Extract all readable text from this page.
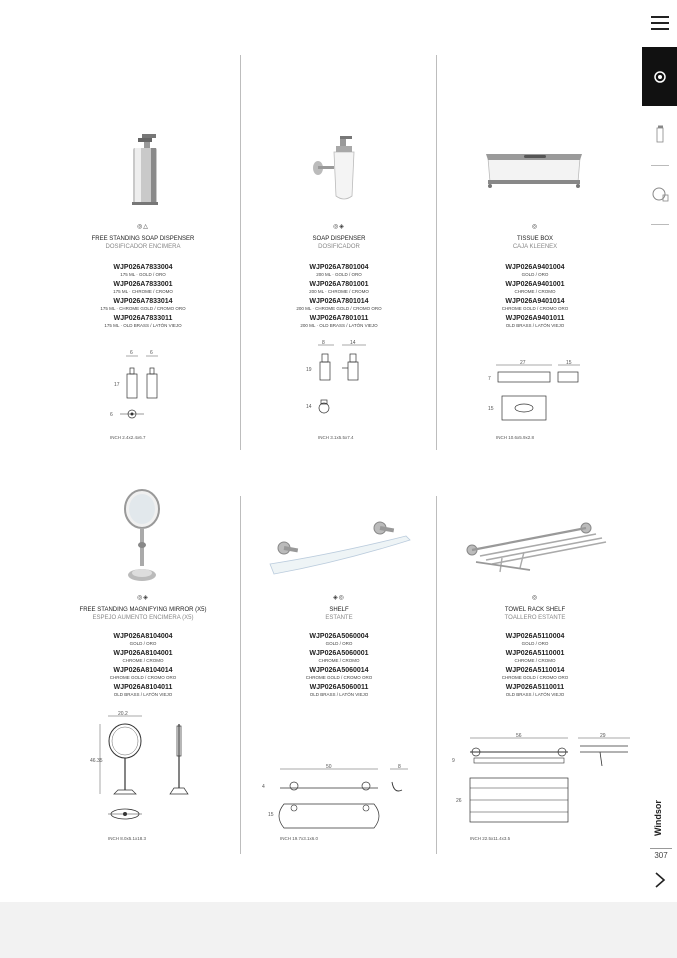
◎△
FREE STANDING SOAP DISPENSER
DOSIFICADOR ENCIMERA
WJP026A7833004
175 ML · GOLD / ORO
WJP026A7833001
175 ML · CHROME / CROMO
WJP026A7833014
175 ML · CHROME GOLD / CROMO ORO
WJP026A7833011
175 ML · OLD BRASS / LATÓN VIEJO
6	6
17
6
INCH 2.4x2.4x6.7
◎◈
SOAP DISPENSER
DOSIFICADOR
WJP026A7801004
200 ML · GOLD / ORO
WJP026A7801001
200 ML · CHROME / CROMO
WJP026A7801014
200 ML · CHROME GOLD / CROMO ORO
WJP026A7801011
200 ML · OLD BRASS / LATÓN VIEJO
8	14
19
14
INCH 3.1x5.5x7.4
◎
TISSUE BOX
CAJA KLEENEX
WJP026A9401004
GOLD / ORO
WJP026A9401001
CHROME / CROMO
WJP026A9401014
CHROME GOLD / CROMO ORO
WJP026A9401011
OLD BRASS / LATÓN VIEJO
27	15
7
15
INCH 10.6x5.9x2.8
◎◈
FREE STANDING MAGNIFYING MIRROR (X5)
ESPEJO AUMENTO ENCIMERA (X5)
WJP026A8104004
GOLD / ORO
WJP026A8104001
CHROME / CROMO
WJP026A8104014
CHROME GOLD / CROMO ORO
WJP026A8104011
OLD BRASS / LATÓN VIEJO
20.2
46.35
INCH 8.0x5.1x18.3
◈◎
SHELF
ESTANTE
WJP026A5060004
GOLD / ORO
WJP026A5060001
CHROME / CROMO
WJP026A5060014
CHROME GOLD / CROMO ORO
WJP026A5060011
OLD BRASS / LATÓN VIEJO
50	8
4
15
INCH 19.7x3.1x6.0
◎
TOWEL RACK SHELF
TOALLERO ESTANTE
WJP026A5110004
GOLD / ORO
WJP026A5110001
CHROME / CROMO
WJP026A5110014
CHROME GOLD / CROMO ORO
WJP026A5110011
OLD BRASS / LATÓN VIEJO
56	29
9
26
INCH 22.5x11.4x3.5
Windsor
307
